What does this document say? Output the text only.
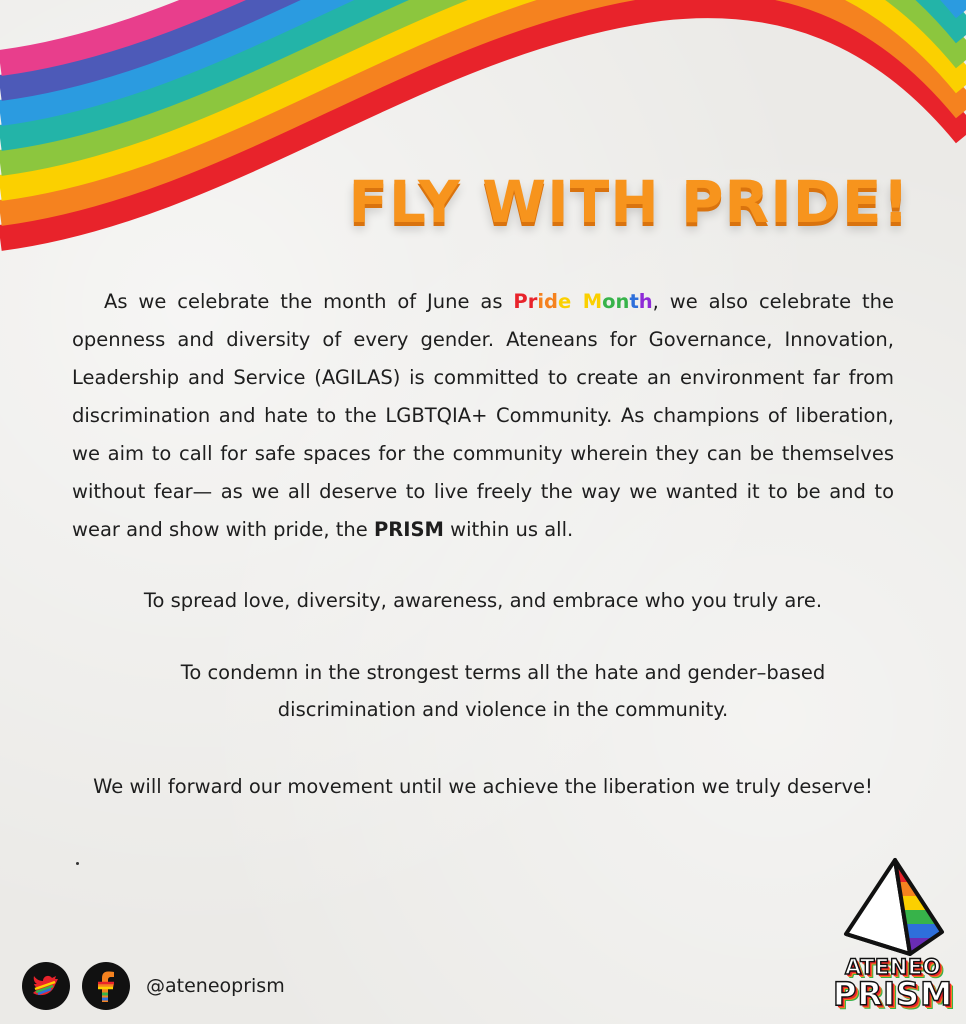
FLY WITH PRIDE!
As we celebrate the month of June as Pride Month, we also celebrate the openness and diversity of every gender. Ateneans for Governance, Innovation, Leadership and Service (AGILAS) is committed to create an environment far from discrimination and hate to the LGBTQIA+ Community. As champions of liberation, we aim to call for safe spaces for the community wherein they can be themselves without fear— as we all deserve to live freely the way we wanted it to be and to wear and show with pride, the PRISM within us all.
To spread love, diversity, awareness, and embrace who you truly are.
To condemn in the strongest terms all the hate and gender–based discrimination and violence in the community.
We will forward our movement until we achieve the liberation we truly deserve!
@ateneoprism
ATENEO
PRISM
